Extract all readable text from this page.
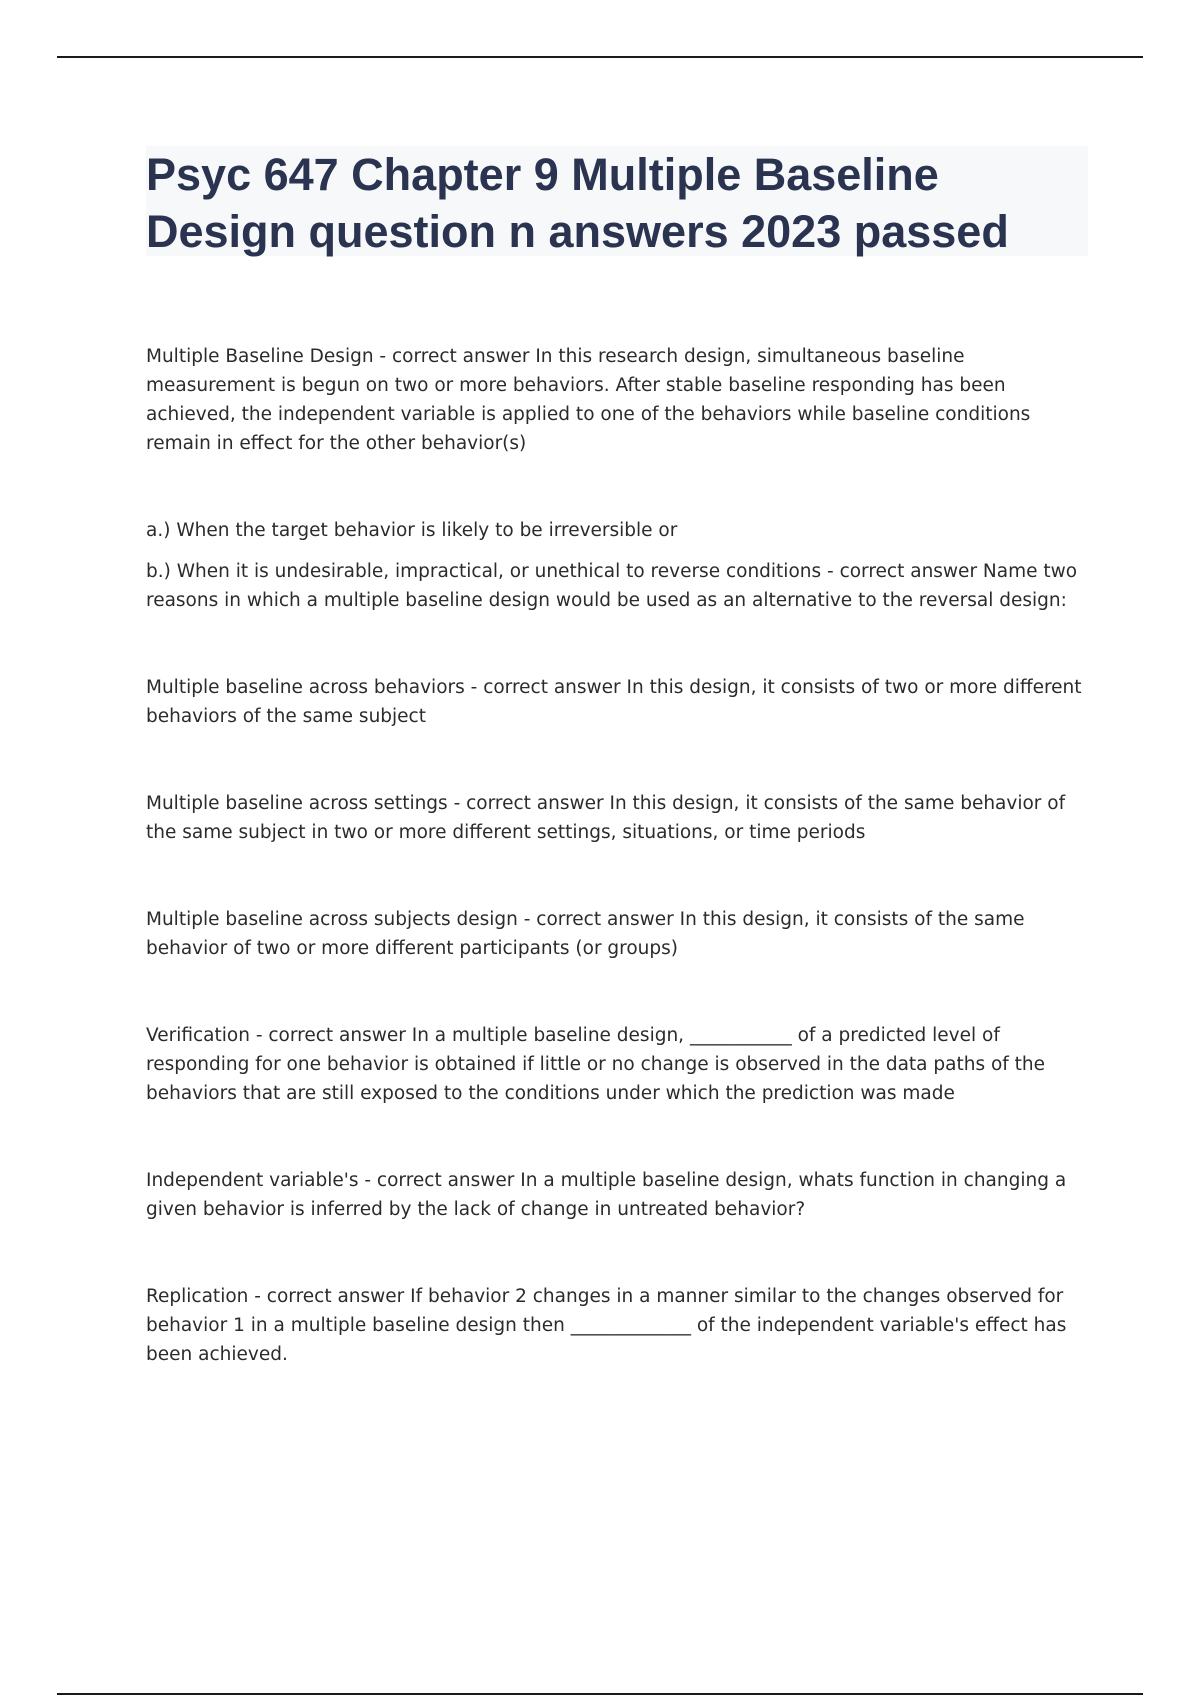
Psyc 647 Chapter 9 Multiple Baseline Design question n answers 2023 passed

Multiple Baseline Design - correct answer In this research design, simultaneous baseline measurement is begun on two or more behaviors. After stable baseline responding has been achieved, the independent variable is applied to one of the behaviors while baseline conditions remain in effect for the other behavior(s)

a.) When the target behavior is likely to be irreversible or

b.) When it is undesirable, impractical, or unethical to reverse conditions - correct answer Name two reasons in which a multiple baseline design would be used as an alternative to the reversal design:

Multiple baseline across behaviors - correct answer In this design, it consists of two or more different behaviors of the same subject

Multiple baseline across settings - correct answer In this design, it consists of the same behavior of the same subject in two or more different settings, situations, or time periods

Multiple baseline across subjects design - correct answer In this design, it consists of the same behavior of two or more different participants (or groups)

Verification - correct answer In a multiple baseline design, ___________ of a predicted level of responding for one behavior is obtained if little or no change is observed in the data paths of the behaviors that are still exposed to the conditions under which the prediction was made

Independent variable's - correct answer In a multiple baseline design, whats function in changing a given behavior is inferred by the lack of change in untreated behavior?

Replication - correct answer If behavior 2 changes in a manner similar to the changes observed for behavior 1 in a multiple baseline design then _____________ of the independent variable's effect has been achieved.
